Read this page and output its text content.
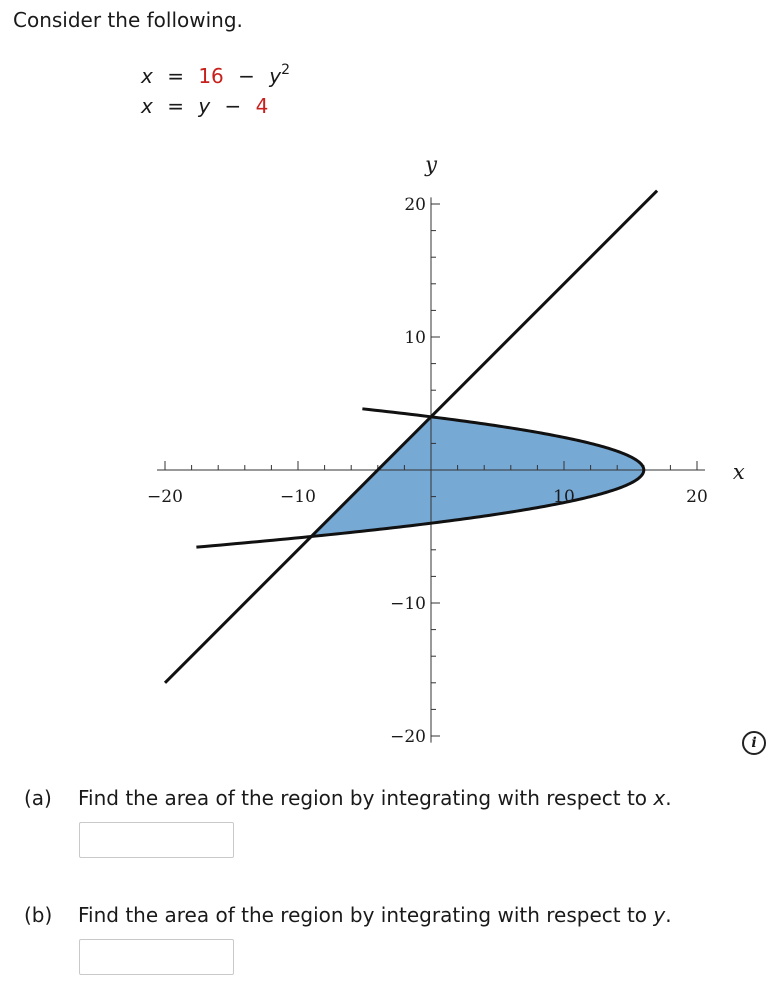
Consider the following.
$x = 16 - y^2$
x = y − 4
−20	−10	10	20
20
10
−10
−20
x
y
i
(a) Find the area of the region by integrating with respect to x.
(b) Find the area of the region by integrating with respect to y.
